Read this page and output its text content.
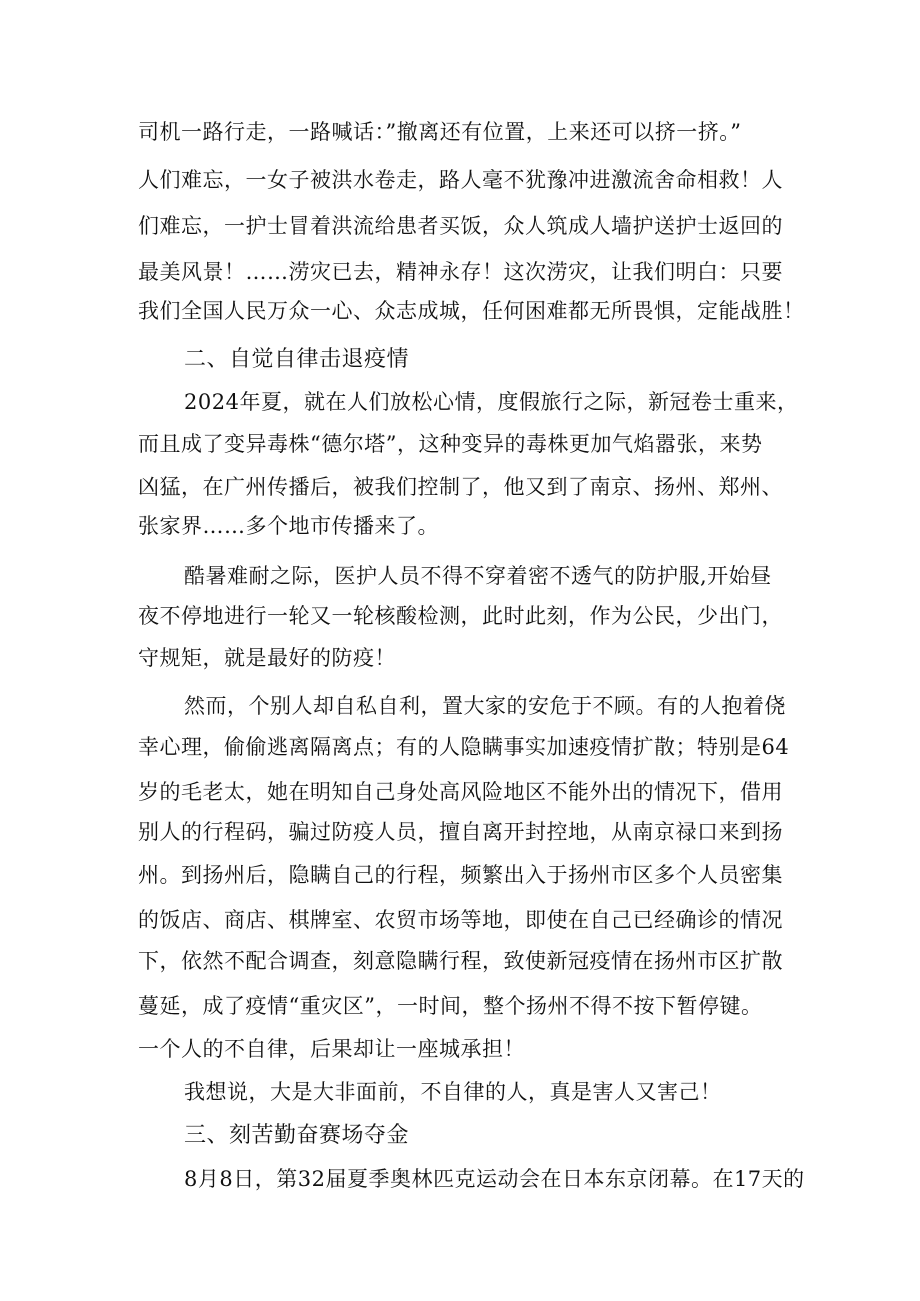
司机一路行走，一路喊话：”撤离还有位置，上来还可以挤一挤。”
人们难忘，一女子被洪水卷走，路人毫不犹豫冲进激流舍命相救！人
们难忘，一护士冒着洪流给患者买饭，众人筑成人墙护送护士返回的
最美风景！……涝灾已去，精神永存！这次涝灾，让我们明白：只要
我们全国人民万众一心、众志成城，任何困难都无所畏惧，定能战胜！
二、自觉自律击退疫情
2024年夏，就在人们放松心情，度假旅行之际，新冠卷士重来，
而且成了变异毒株“德尔塔”，这种变异的毒株更加气焰嚣张，来势
凶猛，在广州传播后，被我们控制了，他又到了南京、扬州、郑州、
张家界……多个地市传播来了。
酷暑难耐之际，医护人员不得不穿着密不透气的防护服,开始昼
夜不停地进行一轮又一轮核酸检测，此时此刻，作为公民，少出门，
守规矩，就是最好的防疫！
然而，个别人却自私自利，置大家的安危于不顾。有的人抱着侥
幸心理，偷偷逃离隔离点；有的人隐瞒事实加速疫情扩散；特别是64
岁的毛老太，她在明知自己身处高风险地区不能外出的情况下，借用
别人的行程码，骗过防疫人员，擅自离开封控地，从南京禄口来到扬
州。到扬州后，隐瞒自己的行程，频繁出入于扬州市区多个人员密集
的饭店、商店、棋牌室、农贸市场等地，即使在自己已经确诊的情况
下，依然不配合调查，刻意隐瞒行程，致使新冠疫情在扬州市区扩散
蔓延，成了疫情“重灾区”，一时间，整个扬州不得不按下暂停键。
一个人的不自律，后果却让一座城承担！
我想说，大是大非面前，不自律的人，真是害人又害己！
三、刻苦勤奋赛场夺金
8月8日，第32届夏季奥林匹克运动会在日本东京闭幕。在17天的
